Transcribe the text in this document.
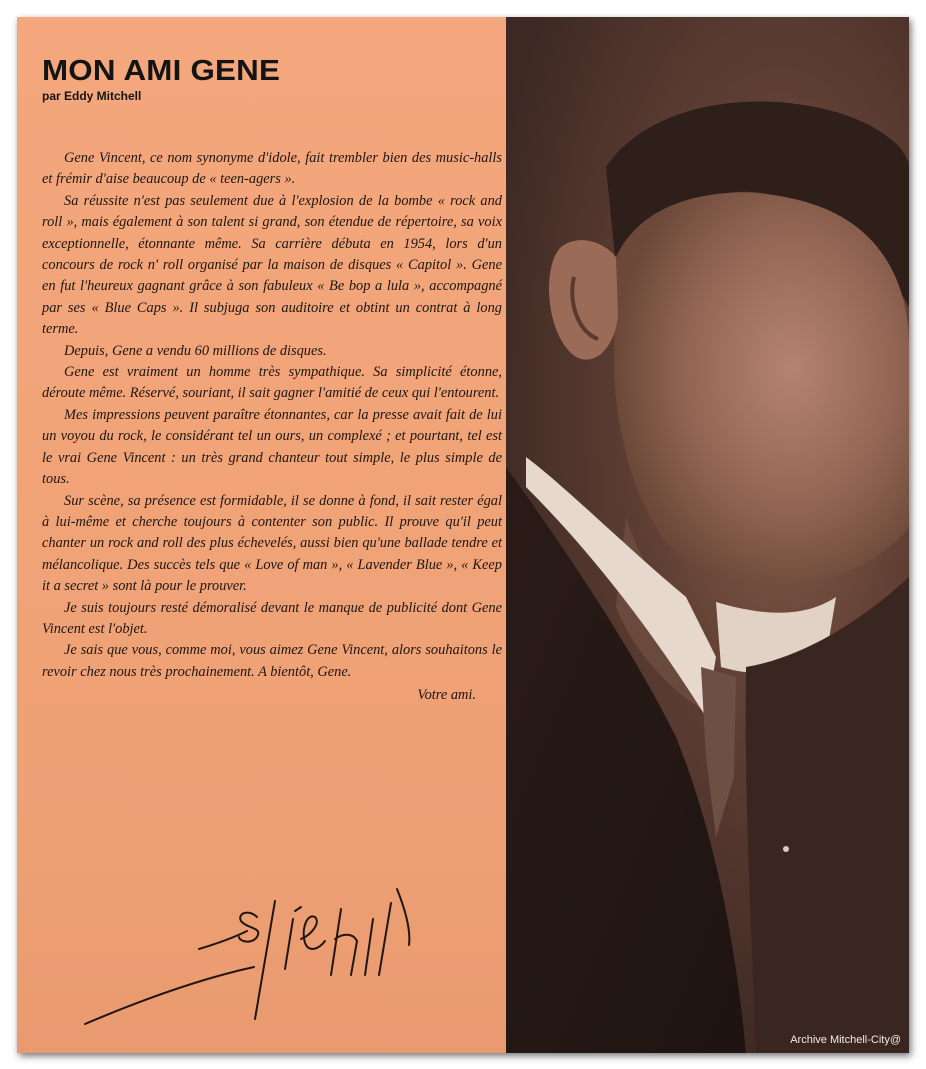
MON AMI GENE
par Eddy Mitchell

Gene Vincent, ce nom synonyme d'idole, fait trembler bien des music-halls et frémir d'aise beaucoup de « teen-agers ».

Sa réussite n'est pas seulement due à l'explosion de la bombe « rock and roll », mais également à son talent si grand, son étendue de répertoire, sa voix exceptionnelle, étonnante même. Sa carrière débuta en 1954, lors d'un concours de rock n' roll organisé par la maison de disques « Capitol ». Gene en fut l'heureux gagnant grâce à son fabuleux « Be bop a lula », accompagné par ses « Blue Caps ». Il subjuga son auditoire et obtint un contrat à long terme.

Depuis, Gene a vendu 60 millions de disques.

Gene est vraiment un homme très sympathique. Sa simplicité étonne, déroute même. Réservé, souriant, il sait gagner l'amitié de ceux qui l'entourent.

Mes impressions peuvent paraître étonnantes, car la presse avait fait de lui un voyou du rock, le considérant tel un ours, un complexé ; et pourtant, tel est le vrai Gene Vincent : un très grand chanteur tout simple, le plus simple de tous.

Sur scène, sa présence est formidable, il se donne à fond, il sait rester égal à lui-même et cherche toujours à contenter son public. Il prouve qu'il peut chanter un rock and roll des plus échevelés, aussi bien qu'une ballade tendre et mélancolique. Des succès tels que « Love of man », « Lavender Blue », « Keep it a secret » sont là pour le prouver.

Je suis toujours resté démoralisé devant le manque de publicité dont Gene Vincent est l'objet.

Je sais que vous, comme moi, vous aimez Gene Vincent, alors souhaitons le revoir chez nous très prochainement. A bientôt, Gene.

Votre ami.

Archive Mitchell-City@
